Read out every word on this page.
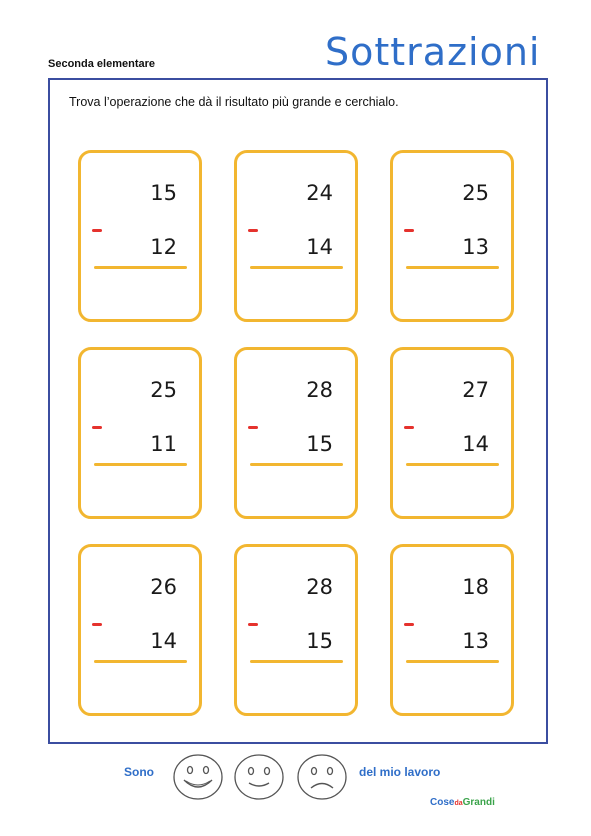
Seconda elementare	Sottrazioni
Trova l’operazione che dà il risultato più grande e cerchialo.
15
12
24
14
25
13
25
11
28
15
27
14
26
14
28
15
18
13
Sono	del mio lavoro
CosedaGrandi
